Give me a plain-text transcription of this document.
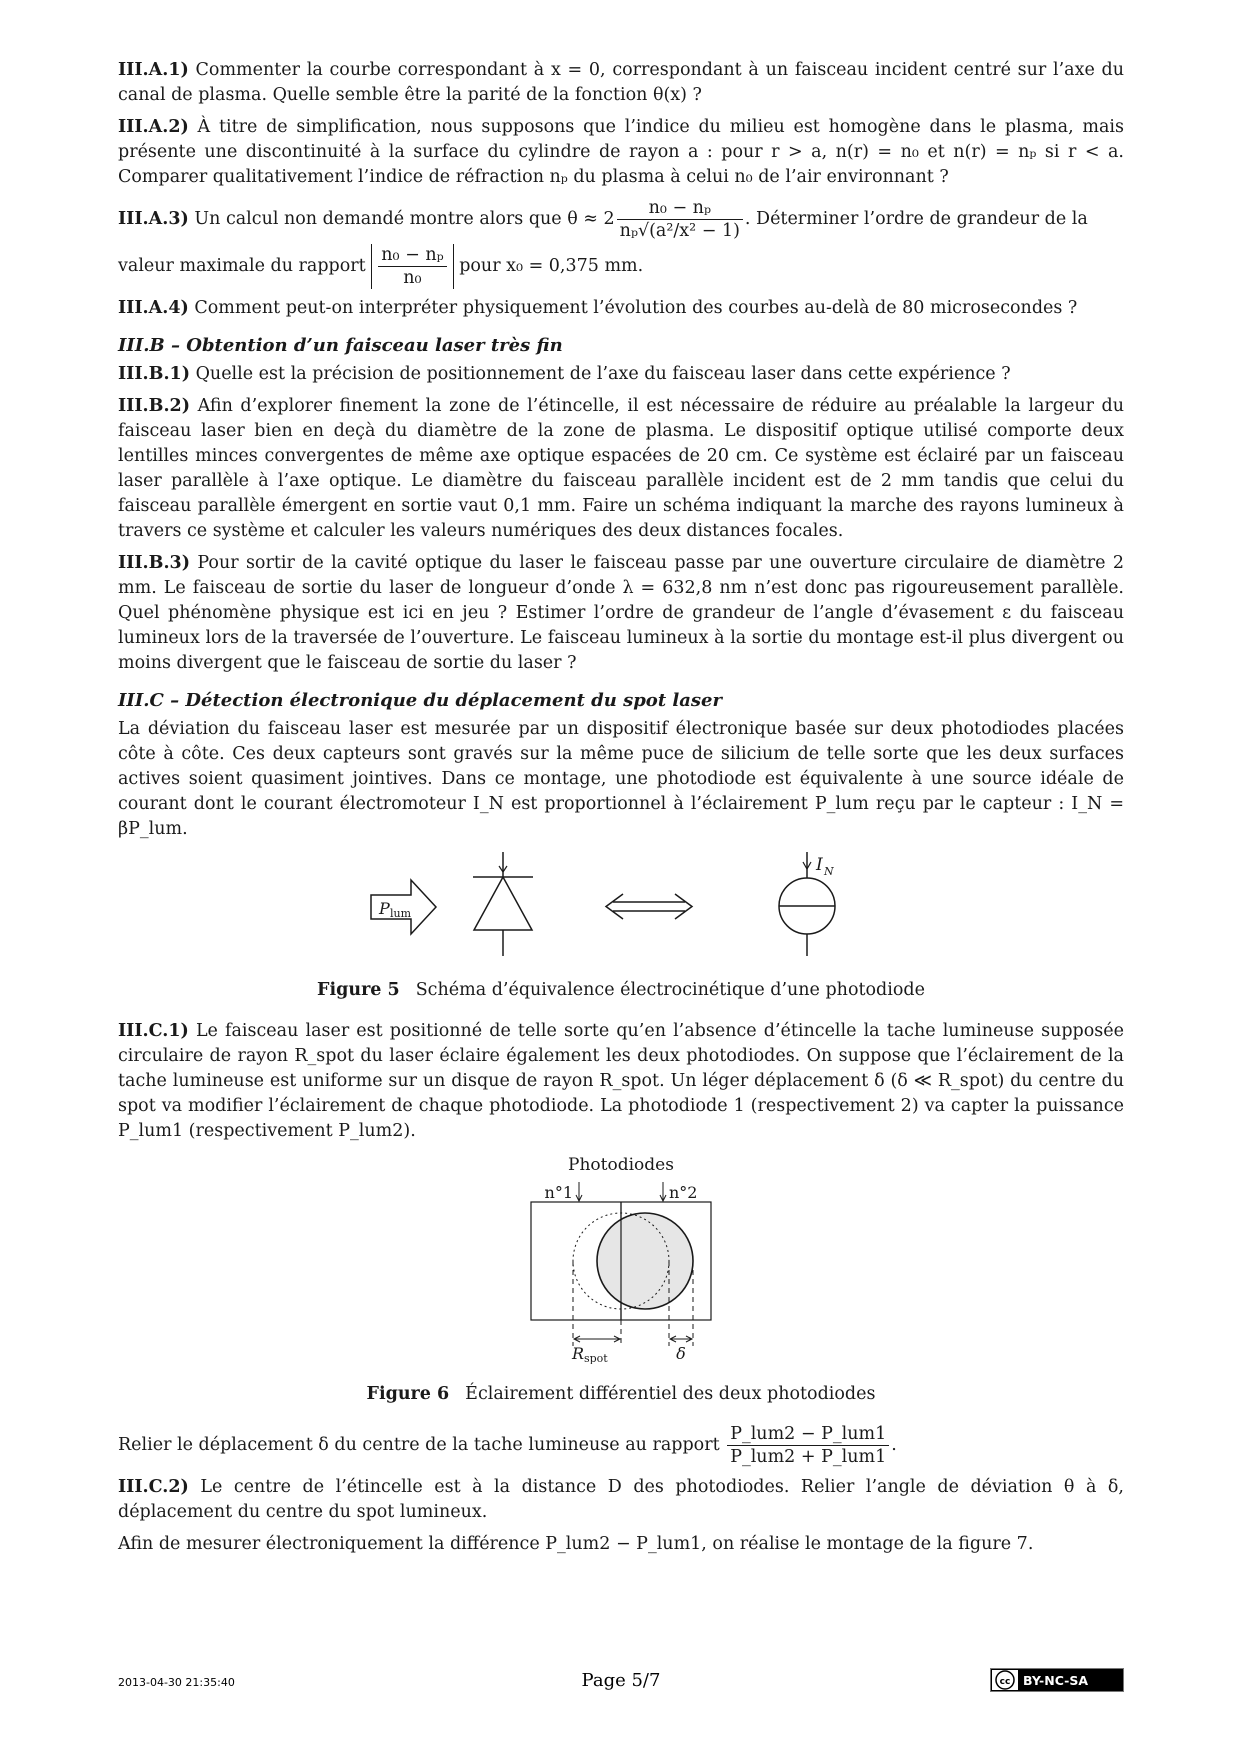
III.A.1) Commenter la courbe correspondant à x = 0, correspondant à un faisceau incident centré sur l’axe du canal de plasma. Quelle semble être la parité de la fonction θ(x) ?

III.A.2) À titre de simplification, nous supposons que l’indice du milieu est homogène dans le plasma, mais présente une discontinuité à la surface du cylindre de rayon a : pour r > a, n(r) = n₀ et n(r) = nₚ si r < a. Comparer qualitativement l’indice de réfraction nₚ du plasma à celui n₀ de l’air environnant ?

III.A.3) Un calcul non demandé montre alors que $\theta \approx 2 \frac{\text{n₀ − nₚ}}{\text{nₚ√(a²/x² − 1)}}$ . Déterminer l’ordre de grandeur de la

valeur maximale du rapport $\frac{\text{n₀ − nₚ}}{\text{n₀}}$ pour x₀ = 0,375 mm.

III.A.4) Comment peut-on interpréter physiquement l’évolution des courbes au-delà de 80 microsecondes ?

III.B – Obtention d’un faisceau laser très fin

III.B.1) Quelle est la précision de positionnement de l’axe du faisceau laser dans cette expérience ?

III.B.2) Afin d’explorer finement la zone de l’étincelle, il est nécessaire de réduire au préalable la largeur du faisceau laser bien en deçà du diamètre de la zone de plasma. Le dispositif optique utilisé comporte deux lentilles minces convergentes de même axe optique espacées de 20 cm. Ce système est éclairé par un faisceau laser parallèle à l’axe optique. Le diamètre du faisceau parallèle incident est de 2 mm tandis que celui du faisceau parallèle émergent en sortie vaut 0,1 mm. Faire un schéma indiquant la marche des rayons lumineux à travers ce système et calculer les valeurs numériques des deux distances focales.

III.B.3) Pour sortir de la cavité optique du laser le faisceau passe par une ouverture circulaire de diamètre 2 mm. Le faisceau de sortie du laser de longueur d’onde λ = 632,8 nm n’est donc pas rigoureusement parallèle. Quel phénomène physique est ici en jeu ? Estimer l’ordre de grandeur de l’angle d’évasement ε du faisceau lumineux lors de la traversée de l’ouverture. Le faisceau lumineux à la sortie du montage est-il plus divergent ou moins divergent que le faisceau de sortie du laser ?

III.C – Détection électronique du déplacement du spot laser

La déviation du faisceau laser est mesurée par un dispositif électronique basée sur deux photodiodes placées côte à côte. Ces deux capteurs sont gravés sur la même puce de silicium de telle sorte que les deux surfaces actives soient quasiment jointives. Dans ce montage, une photodiode est équivalente à une source idéale de courant dont le courant électromoteur I_N est proportionnel à l’éclairement P_lum reçu par le capteur : I_N = βP_lum.

P lum
I N
Figure 5 Schéma d’équivalence électrocinétique d’une photodiode

III.C.1) Le faisceau laser est positionné de telle sorte qu’en l’absence d’étincelle la tache lumineuse supposée circulaire de rayon R_spot du laser éclaire également les deux photodiodes. On suppose que l’éclairement de la tache lumineuse est uniforme sur un disque de rayon R_spot. Un léger déplacement δ (δ ≪ R_spot) du centre du spot va modifier l’éclairement de chaque photodiode. La photodiode 1 (respectivement 2) va capter la puissance P_lum1 (respectivement P_lum2).

Photodiodes
n°1	n°2
R spot	δ
Figure 6 Éclairement différentiel des deux photodiodes

Relier le déplacement δ du centre de la tache lumineuse au rapport $\frac{\text{P\_lum2 − P\_lum1}}{\text{P\_lum2 + P\_lum1}}$ .

III.C.2) Le centre de l’étincelle est à la distance D des photodiodes. Relier l’angle de déviation θ à δ, déplacement du centre du spot lumineux.

Afin de mesurer électroniquement la différence P_lum2 − P_lum1, on réalise le montage de la figure 7.

2013-04-30 21:35:40	Page 5/7	cc BY-NC-SA
